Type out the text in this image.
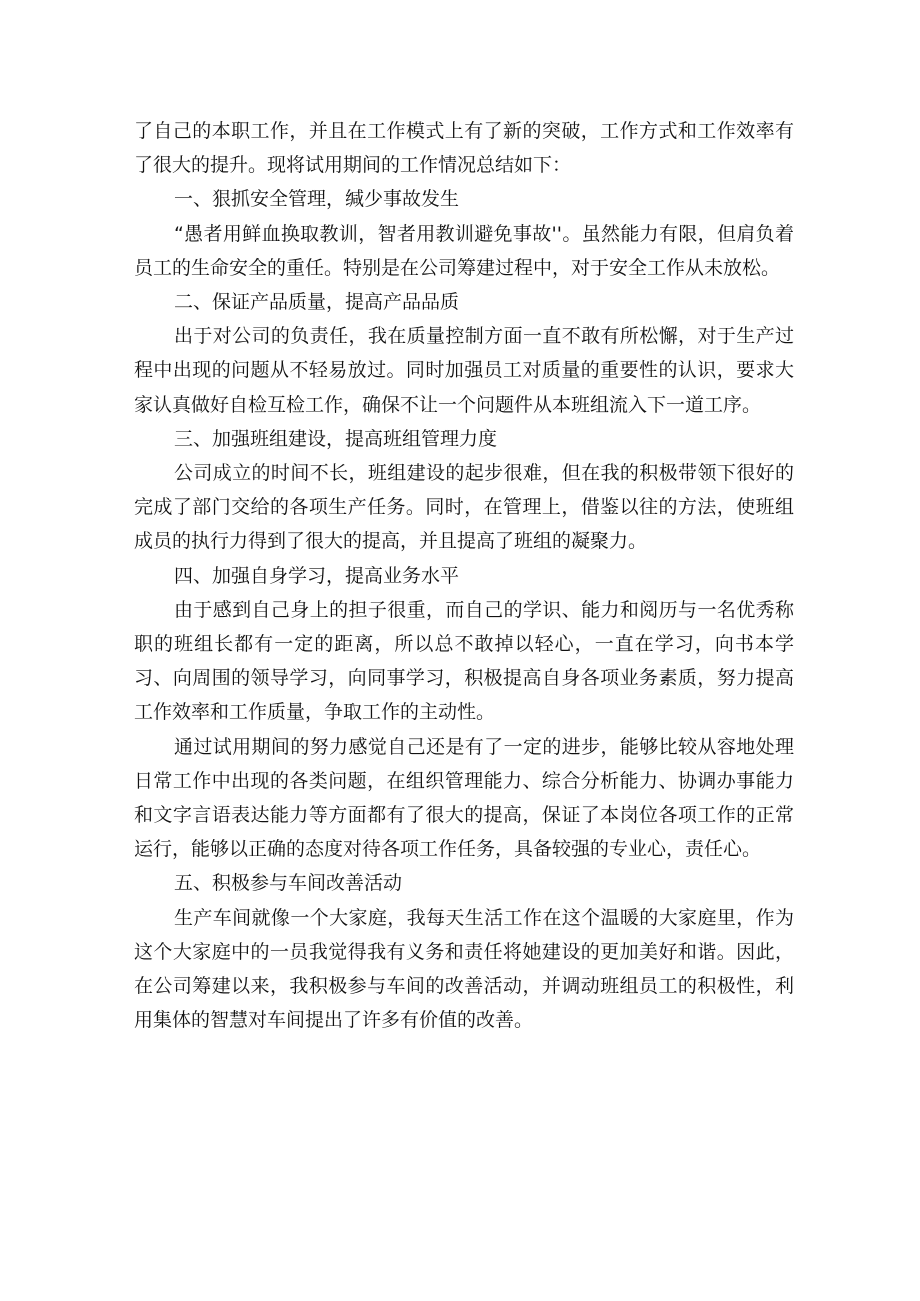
了自己的本职工作，并且在工作模式上有了新的突破，工作方式和工作效率有了很大的提升。现将试用期间的工作情况总结如下：

一、狠抓安全管理，缄少事故发生

“愚者用鲜血换取教训，智者用教训避免事故''。虽然能力有限，但肩负着员工的生命安全的重任。特别是在公司筹建过程中，对于安全工作从未放松。

二、保证产品质量，提高产品品质

出于对公司的负责任，我在质量控制方面一直不敢有所松懈，对于生产过程中出现的问题从不轻易放过。同时加强员工对质量的重要性的认识，要求大家认真做好自检互检工作，确保不让一个问题件从本班组流入下一道工序。

三、加强班组建设，提高班组管理力度

公司成立的时间不长，班组建设的起步很难，但在我的积极带领下很好的完成了部门交给的各项生产任务。同时，在管理上，借鉴以往的方法，使班组成员的执行力得到了很大的提高，并且提高了班组的凝聚力。

四、加强自身学习，提高业务水平

由于感到自己身上的担子很重，而自己的学识、能力和阅历与一名优秀称职的班组长都有一定的距离，所以总不敢掉以轻心，一直在学习，向书本学习、向周围的领导学习，向同事学习，积极提高自身各项业务素质，努力提高工作效率和工作质量，争取工作的主动性。

通过试用期间的努力感觉自己还是有了一定的进步，能够比较从容地处理日常工作中出现的各类问题，在组织管理能力、综合分析能力、协调办事能力和文字言语表达能力等方面都有了很大的提高，保证了本岗位各项工作的正常运行，能够以正确的态度对待各项工作任务，具备较强的专业心，责任心。

五、积极参与车间改善活动

生产车间就像一个大家庭，我每天生活工作在这个温暖的大家庭里，作为这个大家庭中的一员我觉得我有义务和责任将她建设的更加美好和谐。因此，在公司筹建以来，我积极参与车间的改善活动，并调动班组员工的积极性，利用集体的智慧对车间提出了许多有价值的改善。
